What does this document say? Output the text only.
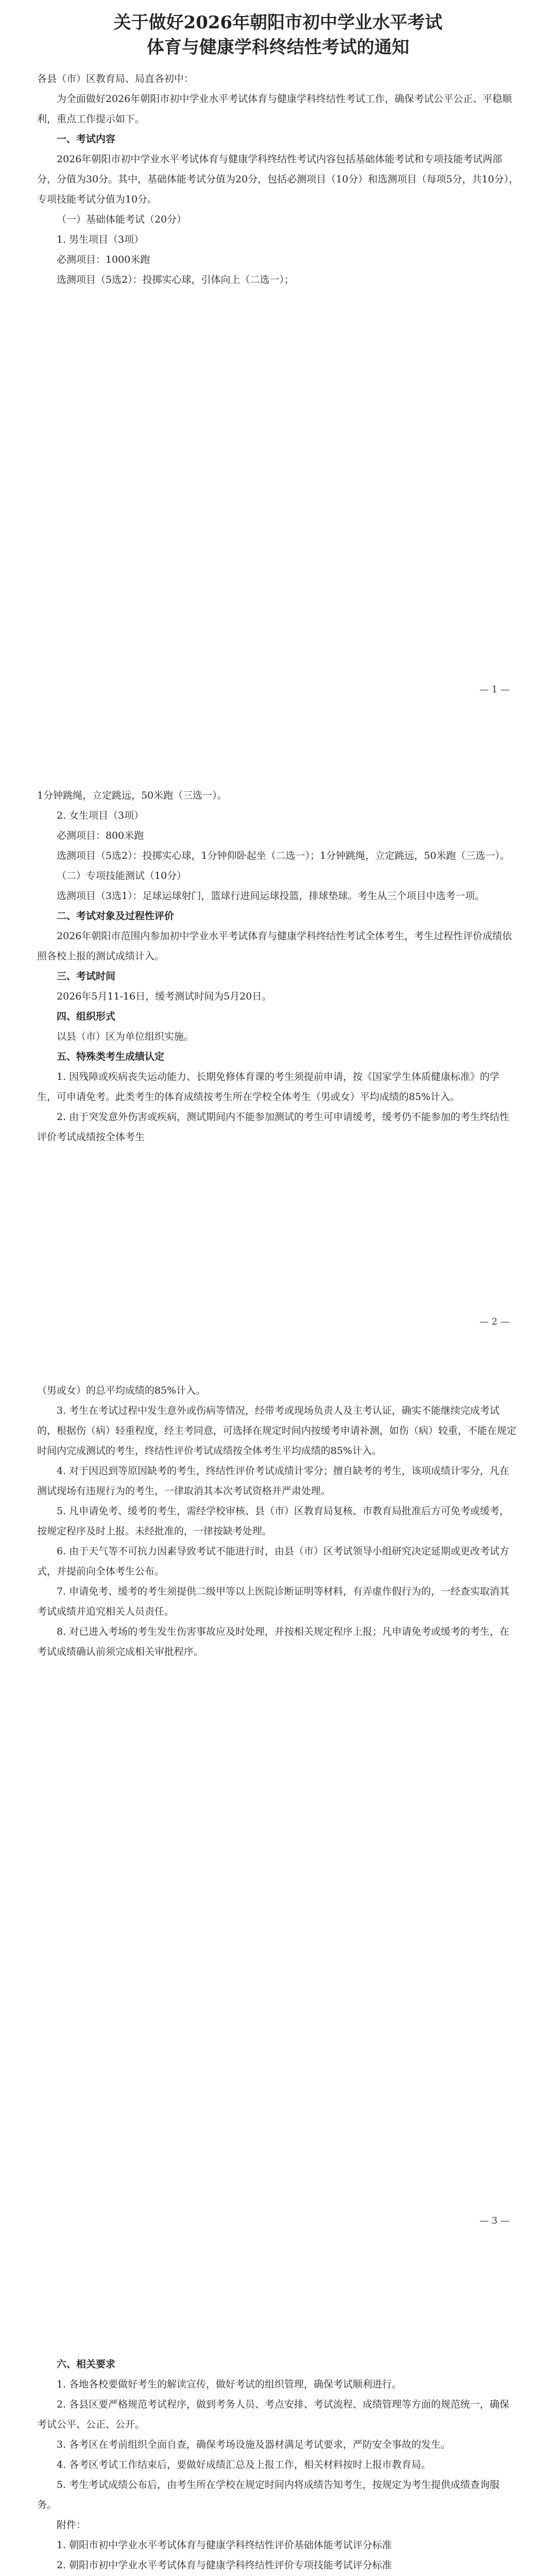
关于做好2026年朝阳市初中学业水平考试
体育与健康学科终结性考试的通知

各县（市）区教育局、局直各初中：

为全面做好2026年朝阳市初中学业水平考试体育与健康学科终结性考试工作，确保考试公平公正、平稳顺利，重点工作提示如下。

一、考试内容

2026年朝阳市初中学业水平考试体育与健康学科终结性考试内容包括基础体能考试和专项技能考试两部分，分值为30分。其中，基础体能考试分值为20分，包括必测项目（10分）和选测项目（每项5分，共10分），专项技能考试分值为10分。

（一）基础体能考试（20分）

1. 男生项目（3项）

必测项目：1000米跑

选测项目（5选2）：投掷实心球，引体向上（二选一）；

— 1 —

1分钟跳绳，立定跳远，50米跑（三选一）。

2. 女生项目（3项）

必测项目：800米跑

选测项目（5选2）：投掷实心球，1分钟仰卧起坐（二选一）；1分钟跳绳，立定跳远，50米跑（三选一）。

（二）专项技能测试（10分）

选测项目（3选1）：足球运球射门，篮球行进间运球投篮，排球垫球。考生从三个项目中选考一项。

二、考试对象及过程性评价

2026年朝阳市范围内参加初中学业水平考试体育与健康学科终结性考试全体考生，考生过程性评价成绩依照各校上报的测试成绩计入。

三、考试时间

2026年5月11-16日，缓考测试时间为5月20日。

四、组织形式

以县（市）区为单位组织实施。

五、特殊类考生成绩认定

1. 因残障或疾病丧失运动能力、长期免修体育课的考生须提前申请，按《国家学生体质健康标准》的学生，可申请免考。此类考生的体育成绩按考生所在学校全体考生（男或女）平均成绩的85%计入。

2. 由于突发意外伤害或疾病，测试期间内不能参加测试的考生可申请缓考，缓考仍不能参加的考生终结性评价考试成绩按全体考生

— 2 —

（男或女）的总平均成绩的85%计入。

3. 考生在考试过程中发生意外或伤病等情况，经带考或现场负责人及主考认证，确实不能继续完成考试的，根据伤（病）轻重程度，经主考同意，可选择在规定时间内按缓考申请补测，如伤（病）较重，不能在规定时间内完成测试的考生，终结性评价考试成绩按全体考生平均成绩的85%计入。

4. 对于因迟到等原因缺考的考生，终结性评价考试成绩计零分；擅自缺考的考生，该项成绩计零分，凡在测试现场有违规行为的考生，一律取消其本次考试资格并严肃处理。

5. 凡申请免考、缓考的考生，需经学校审核、县（市）区教育局复核、市教育局批准后方可免考或缓考，按规定程序及时上报。未经批准的，一律按缺考处理。

6. 由于天气等不可抗力因素导致考试不能进行时，由县（市）区考试领导小组研究决定延期或更改考试方式，并提前向全体考生公布。

7. 申请免考、缓考的考生须提供二级甲等以上医院诊断证明等材料，有弄虚作假行为的，一经查实取消其考试成绩并追究相关人员责任。

8. 对已进入考场的考生发生伤害事故应及时处理，并按相关规定程序上报；凡申请免考或缓考的考生，在考试成绩确认前须完成相关审批程序。

— 3 —

六、相关要求

1. 各地各校要做好考生的解读宣传，做好考试的组织管理，确保考试顺利进行。

2. 各县区要严格规范考试程序，做到考务人员、考点安排、考试流程、成绩管理等方面的规范统一，确保考试公平、公正、公开。

3. 各考区在考前组织全面自查，确保考场设施及器材满足考试要求，严防安全事故的发生。

4. 各考区考试工作结束后，要做好成绩汇总及上报工作，相关材料按时上报市教育局。

5. 考生考试成绩公布后，由考生所在学校在规定时间内将成绩告知考生，按规定为考生提供成绩查询服务。

附件：

1. 朝阳市初中学业水平考试体育与健康学科终结性评价基础体能考试评分标准

2. 朝阳市初中学业水平考试体育与健康学科终结性评价专项技能考试评分标准
